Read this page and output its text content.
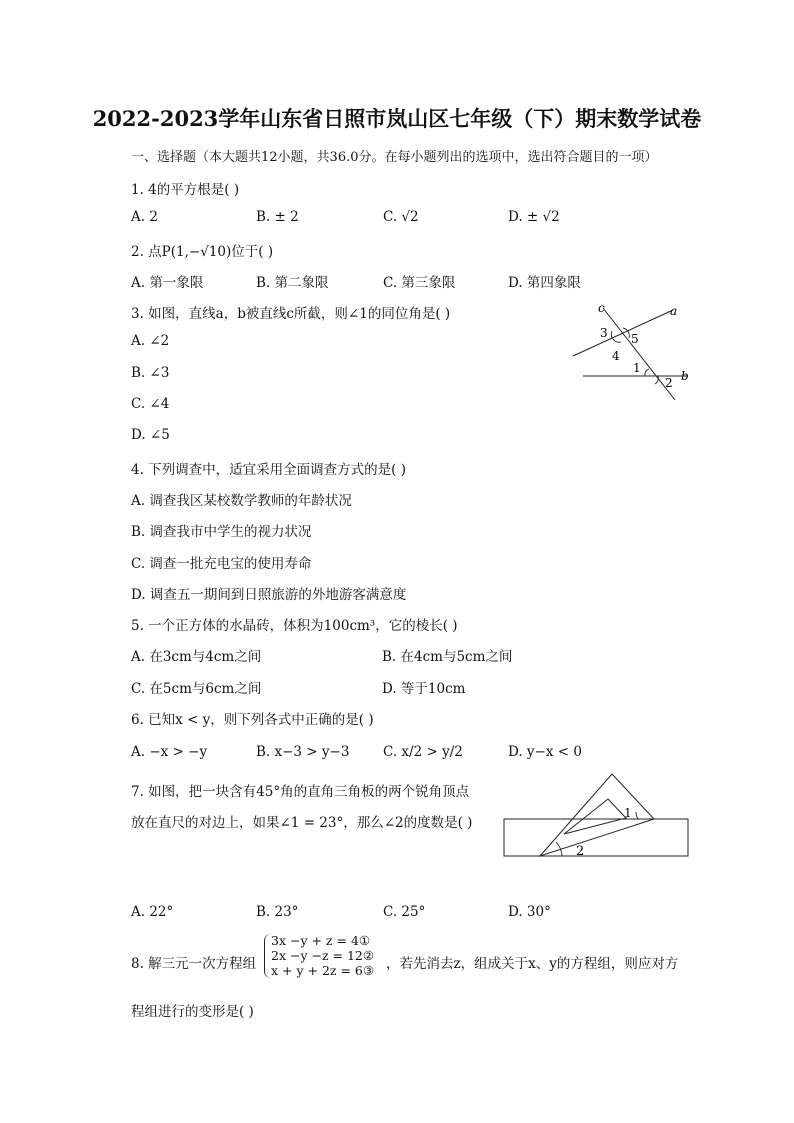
2022-2023学年山东省日照市岚山区七年级（下）期末数学试卷
一、选择题（本大题共12小题，共36.0分。在每小题列出的选项中，选出符合题目的一项）
1. 4的平方根是( )
A. 2	B. ± 2	C. √2	D. ± √2
2. 点P(1,−√10)位于( )
A. 第一象限	B. 第二象限	C. 第三象限	D. 第四象限
3. 如图，直线a，b被直线c所截，则∠1的同位角是( )
A. ∠2
B. ∠3
C. ∠4
D. ∠5
c	a
b
3 5
4
1
2
4. 下列调查中，适宜采用全面调查方式的是( )
A. 调查我区某校数学教师的年龄状况
B. 调查我市中学生的视力状况
C. 调查一批充电宝的使用寿命
D. 调查五一期间到日照旅游的外地游客满意度
5. 一个正方体的水晶砖，体积为100cm³，它的棱长( )
A. 在3cm与4cm之间	B. 在4cm与5cm之间
C. 在5cm与6cm之间	D. 等于10cm
6. 已知x < y，则下列各式中正确的是( )
A. −x > −y	B. x−3 > y−3 C. x/2 > y/2	D. y−x < 0
7. 如图，把一块含有45°角的直角三角板的两个锐角顶点
放在直尺的对边上，如果∠1 = 23°，那么∠2的度数是( )
1
2
A. 22°	B. 23°	C. 25°	D. 30°
8. 解三元一次方程组
3x −y + z = 4①
2x −y −z = 12②
x + y + 2z = 6③ ，若先消去z，组成关于x、y的方程组，则应对方
程组进行的变形是( )
